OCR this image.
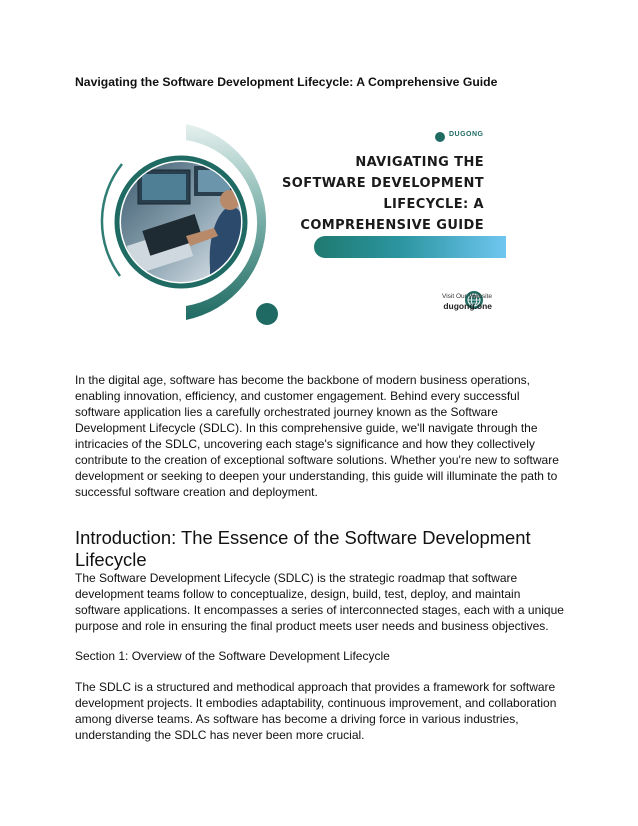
Navigating the Software Development Lifecycle: A Comprehensive Guide
DUGONG
NAVIGATING THE
SOFTWARE DEVELOPMENT
LIFECYCLE: A
COMPREHENSIVE GUIDE
Visit Our Website
dugong.one

In the digital age, software has become the backbone of modern business operations, enabling innovation, efficiency, and customer engagement. Behind every successful software application lies a carefully orchestrated journey known as the Software Development Lifecycle (SDLC). In this comprehensive guide, we'll navigate through the intricacies of the SDLC, uncovering each stage's significance and how they collectively contribute to the creation of exceptional software solutions. Whether you're new to software development or seeking to deepen your understanding, this guide will illuminate the path to successful software creation and deployment.

Introduction: The Essence of the Software Development Lifecycle

The Software Development Lifecycle (SDLC) is the strategic roadmap that software development teams follow to conceptualize, design, build, test, deploy, and maintain software applications. It encompasses a series of interconnected stages, each with a unique purpose and role in ensuring the final product meets user needs and business objectives.

Section 1: Overview of the Software Development Lifecycle

The SDLC is a structured and methodical approach that provides a framework for software development projects. It embodies adaptability, continuous improvement, and collaboration among diverse teams. As software has become a driving force in various industries, understanding the SDLC has never been more crucial.
